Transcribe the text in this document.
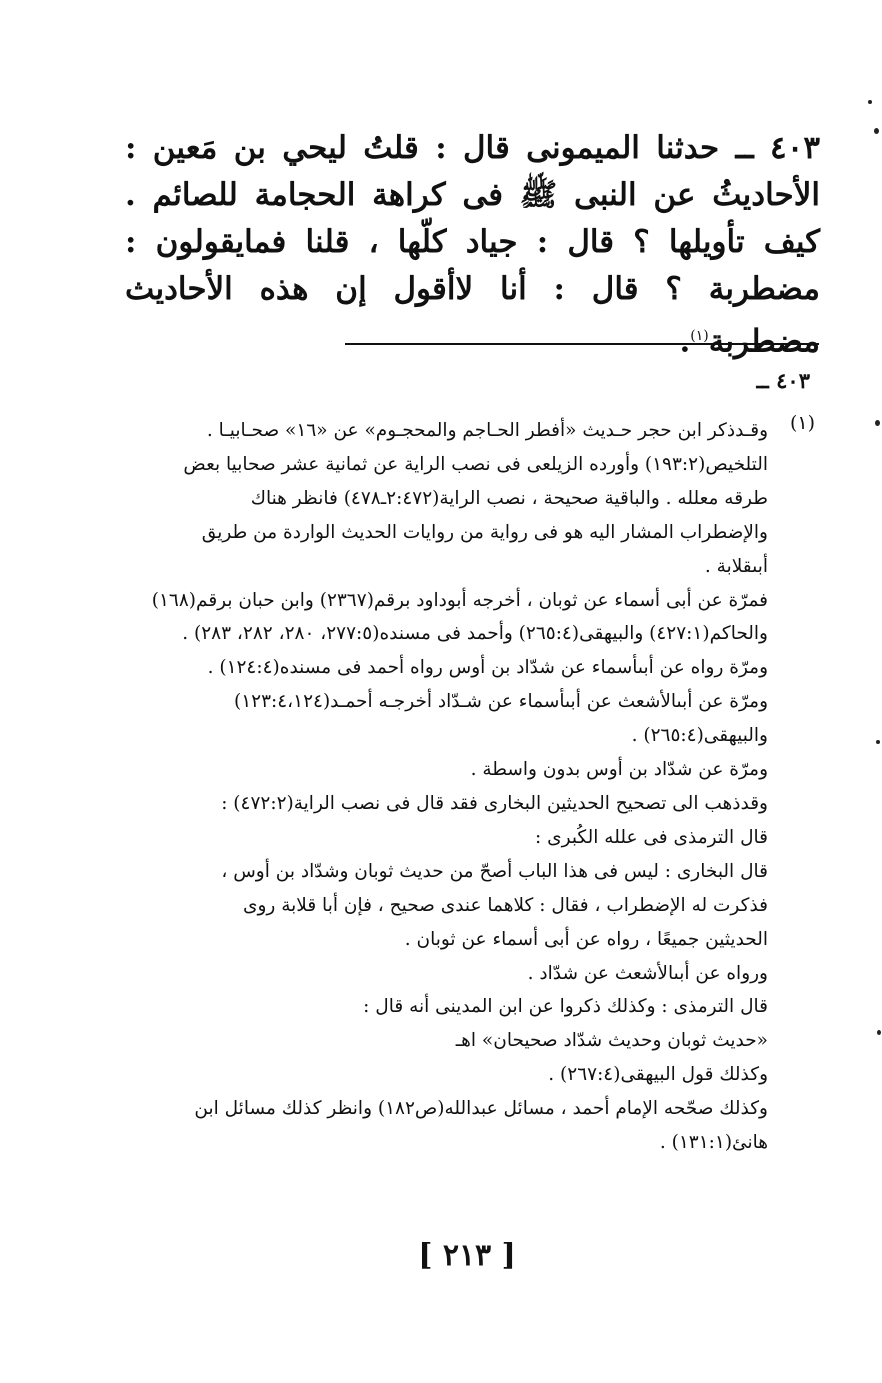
٤٠٣ ــ حدثنا الميمونى قال : قلتُ ليحي بن مَعين : الأحاديثُ عن النبى ﷺ فى كراهة الحجامة للصائم . كيف تأويلها ؟ قال : جياد كلّها ، قلنا فمايقولون : مضطربة ؟ قال : أنا لاأقول إن هذه الأحاديث مضطربة$^{(١)}$.
٤٠٣ ــ
(١)

وقـدذكر ابن حجر حـديث «أفطر الحـاجم والمحجـوم» عن «١٦» صحـابيـا .

التلخيص(١٩٣:٢) وأورده الزيلعى فى نصب الراية عن ثمانية عشر صحابيا بعض

طرقه معلله . والباقية صحيحة ، نصب الراية(٢:٤٧٢ـ٤٧٨) فانظر هناك

والإضطراب المشار اليه هو فى رواية من روايات الحديث الواردة من طريق

أبىقلابة .

فمرّة عن أبى أسماء عن ثوبان ، أخرجه أبوداود برقم(٢٣٦٧) وابن حبان برقم(١٦٨)

والحاكم(٤٢٧:١) والبيهقى(٢٦٥:٤) وأحمد فى مسنده(٢٧٧:٥، ٢٨٠، ٢٨٢، ٢٨٣) .

ومرّة رواه عن أبىأسماء عن شدّاد بن أوس رواه أحمد فى مسنده(١٢٤:٤) .

ومرّة عن أبىالأشعث عن أبىأسماء عن شـدّاد أخرجـه أحمـد(١٢٣:٤،١٢٤)

والبيهقى(٢٦٥:٤) .

ومرّة عن شدّاد بن أوس بدون واسطة .

وقدذهب الى تصحيح الحديثين البخارى فقد قال فى نصب الراية(٤٧٢:٢) :

قال الترمذى فى علله الكُبرى :

قال البخارى : ليس فى هذا الباب أصحّ من حديث ثوبان وشدّاد بن أوس ،

فذكرت له الإضطراب ، فقال : كلاهما عندى صحيح ، فإن أبا قلابة روى

الحديثين جميعًا ، رواه عن أبى أسماء عن ثوبان .

ورواه عن أبىالأشعث عن شدّاد .

قال الترمذى : وكذلك ذكروا عن ابن المدينى أنه قال :

«حديث ثوبان وحديث شدّاد صحيحان» اهـ

وكذلك قول البيهقى(٢٦٧:٤) .

وكذلك صحّحه الإمام أحمد ، مسائل عبدالله(ص١٨٢) وانظر كذلك مسائل ابن

هانئ(١٣١:١) .

[ ٢١٣ ]
